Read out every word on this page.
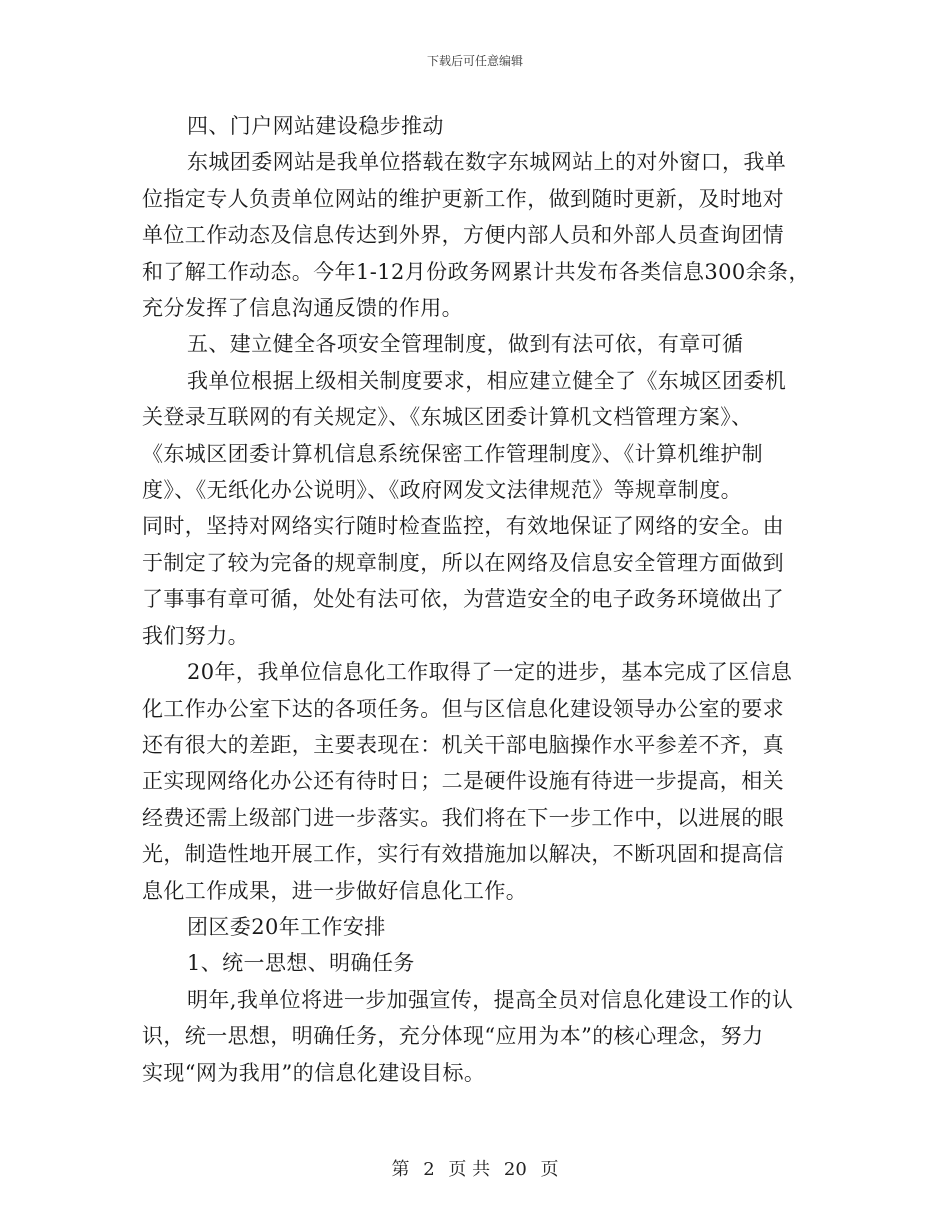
下载后可任意编辑
四、门户网站建设稳步推动
东城团委网站是我单位搭载在数字东城网站上的对外窗口，我单
位指定专人负责单位网站的维护更新工作，做到随时更新，及时地对
单位工作动态及信息传达到外界，方便内部人员和外部人员查询团情
和了解工作动态。今年1-12月份政务网累计共发布各类信息300余条，
充分发挥了信息沟通反馈的作用。
五、建立健全各项安全管理制度，做到有法可依，有章可循
我单位根据上级相关制度要求，相应建立健全了《东城区团委机
关登录互联网的有关规定》、《东城区团委计算机文档管理方案》、
《东城区团委计算机信息系统保密工作管理制度》、《计算机维护制
度》、《无纸化办公说明》、《政府网发文法律规范》等规章制度。
同时，坚持对网络实行随时检查监控，有效地保证了网络的安全。由
于制定了较为完备的规章制度，所以在网络及信息安全管理方面做到
了事事有章可循，处处有法可依，为营造安全的电子政务环境做出了
我们努力。
20年，我单位信息化工作取得了一定的进步，基本完成了区信息
化工作办公室下达的各项任务。但与区信息化建设领导办公室的要求
还有很大的差距，主要表现在：机关干部电脑操作水平参差不齐，真
正实现网络化办公还有待时日；二是硬件设施有待进一步提高，相关
经费还需上级部门进一步落实。我们将在下一步工作中，以进展的眼
光，制造性地开展工作，实行有效措施加以解决，不断巩固和提高信
息化工作成果，进一步做好信息化工作。
团区委20年工作安排
1、统一思想、明确任务
明年,我单位将进一步加强宣传，提高全员对信息化建设工作的认
识，统一思想，明确任务，充分体现“应用为本”的核心理念，努力
实现“网为我用”的信息化建设目标。
第 2 页 共 20 页
